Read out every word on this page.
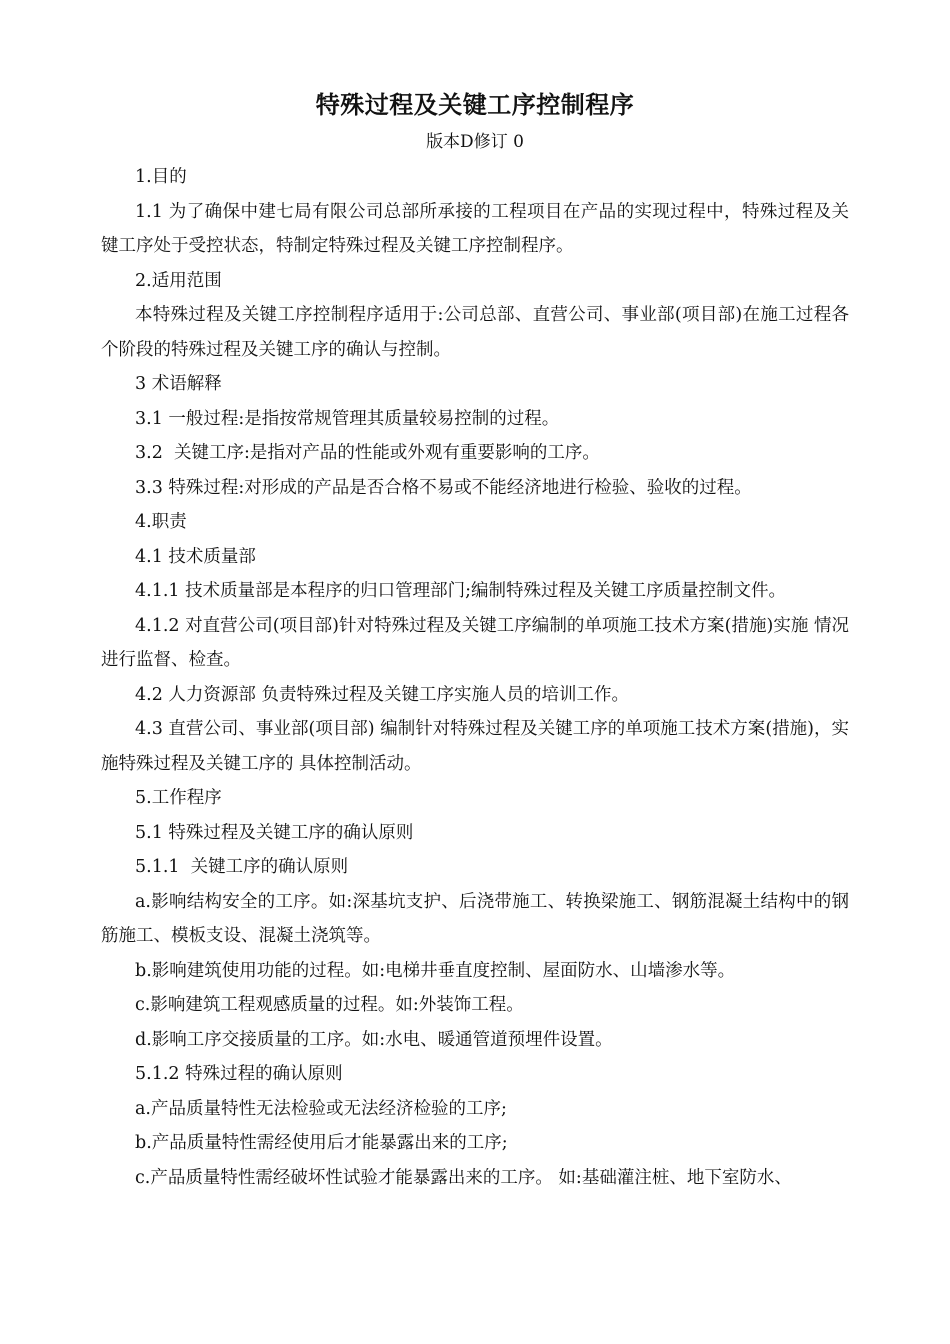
特殊过程及关键工序控制程序
版本D修订 0

1.目的

1.1 为了确保中建七局有限公司总部所承接的工程项目在产品的实现过程中，特殊过程及关键工序处于受控状态，特制定特殊过程及关键工序控制程序。

2.适用范围

本特殊过程及关键工序控制程序适用于:公司总部、直营公司、事业部(项目部)在施工过程各个阶段的特殊过程及关键工序的确认与控制。

3 术语解释

3.1 一般过程:是指按常规管理其质量较易控制的过程。

3.2  关键工序:是指对产品的性能或外观有重要影响的工序。

3.3 特殊过程:对形成的产品是否合格不易或不能经济地进行检验、验收的过程。

4.职责

4.1 技术质量部

4.1.1 技术质量部是本程序的归口管理部门;编制特殊过程及关键工序质量控制文件。

4.1.2 对直营公司(项目部)针对特殊过程及关键工序编制的单项施工技术方案(措施)实施 情况进行监督、检查。

4.2 人力资源部 负责特殊过程及关键工序实施人员的培训工作。

4.3 直营公司、事业部(项目部) 编制针对特殊过程及关键工序的单项施工技术方案(措施)，实施特殊过程及关键工序的 具体控制活动。

5.工作程序

5.1 特殊过程及关键工序的确认原则

5.1.1  关键工序的确认原则

a.影响结构安全的工序。如:深基坑支护、后浇带施工、转换梁施工、钢筋混凝土结构中的钢筋施工、模板支设、混凝土浇筑等。

b.影响建筑使用功能的过程。如:电梯井垂直度控制、屋面防水、山墙渗水等。

c.影响建筑工程观感质量的过程。如:外装饰工程。

d.影响工序交接质量的工序。如:水电、暖通管道预埋件设置。

5.1.2 特殊过程的确认原则

a.产品质量特性无法检验或无法经济检验的工序;

b.产品质量特性需经使用后才能暴露出来的工序;

c.产品质量特性需经破坏性试验才能暴露出来的工序。 如:基础灌注桩、地下室防水、
